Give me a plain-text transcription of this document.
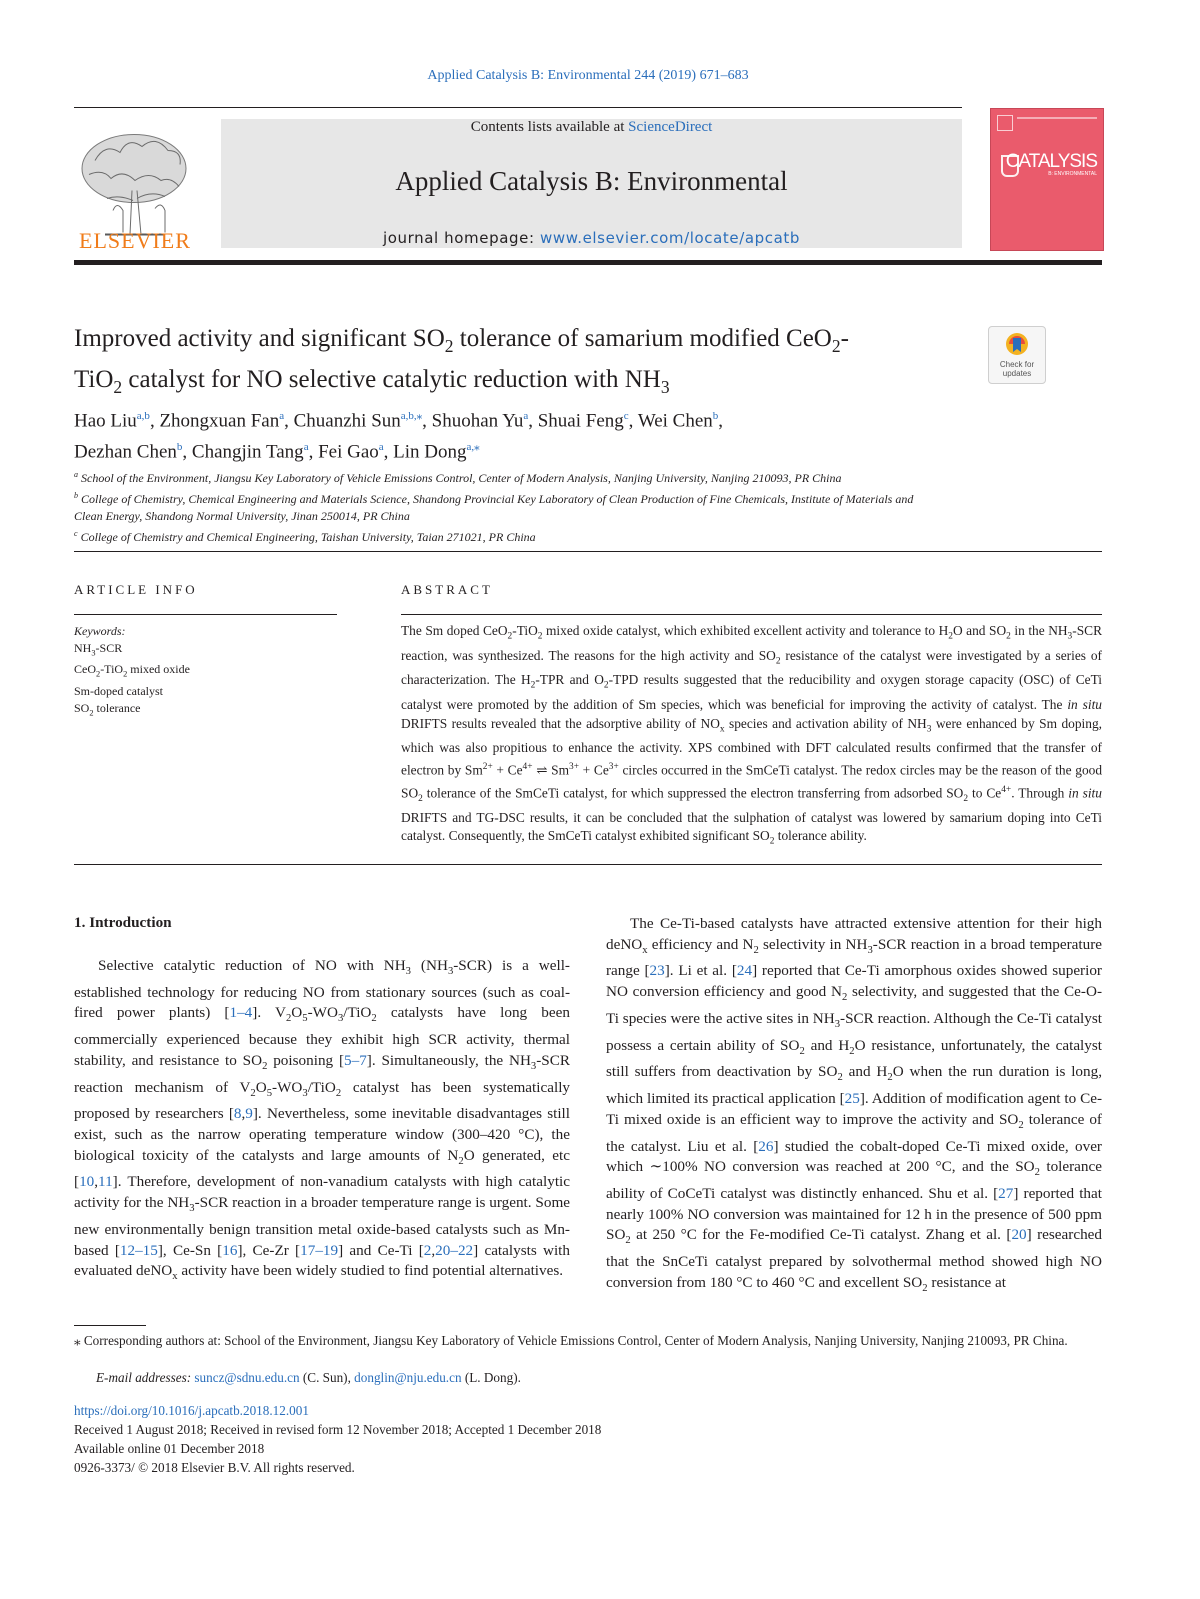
Applied Catalysis B: Environmental 244 (2019) 671–683
Contents lists available at ScienceDirect
Applied Catalysis B: Environmental
journal homepage: www.elsevier.com/locate/apcatb
ELSEVIER
CATALYSIS
B: ENVIRONMENTAL
Improved activity and significant $SO_2$ tolerance of samarium modified CeO$_2$-
TiO$_2$ catalyst for NO selective catalytic reduction with $NH_3$
Check for updates
Hao Liu$^{a,b}$, Zhongxuan Fan$^a$, Chuanzhi Sun$^{a,b,⁎}$, Shuohan Yu$^a$, Shuai Feng$^c$, Wei Chen$^b$,
Dezhan Chen$^b$, Changjin Tang$^a$, Fei Gao$^a$, Lin Dong$^{a,⁎}$
$^a$ School of the Environment, Jiangsu Key Laboratory of Vehicle Emissions Control, Center of Modern Analysis, Nanjing University, Nanjing 210093, PR China
$^b$ College of Chemistry, Chemical Engineering and Materials Science, Shandong Provincial Key Laboratory of Clean Production of Fine Chemicals, Institute of Materials and
Clean Energy, Shandong Normal University, Jinan 250014, PR China
$^c$ College of Chemistry and Chemical Engineering, Taishan University, Taian 271021, PR China
ARTICLE INFO	ABSTRACT
Keywords:
$NH_3$-SCR
CeO$_2$-TiO$_2$ mixed oxide
Sm-doped catalyst
$SO_2$ tolerance
The Sm doped CeO$_2$-TiO$_2$ mixed oxide catalyst, which exhibited excellent activity and tolerance to $H_2O$ and $SO_2$ in the $NH_3$-SCR reaction, was synthesized. The reasons for the high activity and $SO_2$ resistance of the catalyst were investigated by a series of characterization. The $H_2$-TPR and $O_2$-TPD results suggested that the reducibility and oxygen storage capacity (OSC) of CeTi catalyst were promoted by the addition of Sm species, which was beneficial for improving the activity of catalyst. The in situ DRIFTS results revealed that the adsorptive ability of $NO_x$ species and activation ability of $NH_3$ were enhanced by Sm doping, which was also propitious to enhance the activity. XPS combined with DFT calculated results confirmed that the transfer of electron by $Sm^{2+} + Ce^{4+}$ ⇌ $Sm^{3+} + Ce^{3+}$ circles occurred in the SmCeTi catalyst. The redox circles may be the reason of the good $SO_2$ tolerance of the SmCeTi catalyst, for which suppressed the electron transferring from adsorbed $SO_2$ to $Ce^{4+}$. Through in situ DRIFTS and TG-DSC results, it can be concluded that the sulphation of catalyst was lowered by samarium doping into CeTi catalyst. Consequently, the SmCeTi catalyst exhibited significant $SO_2$ tolerance ability.
1. Introduction

Selective catalytic reduction of NO with $NH_3$ $(NH_3-SCR)$ is a well-established technology for reducing NO from stationary sources (such as coal-fired power plants) [1–4]. $V_2O_5-WO_3/TiO_2$ catalysts have long been commercially experienced because they exhibit high SCR activity, thermal stability, and resistance to $SO_2$ poisoning [5–7]. Simultaneously, the $NH_3$-SCR reaction mechanism of $V_2O_5-WO_3/TiO_2$ catalyst has been systematically proposed by researchers [8,9]. Nevertheless, some inevitable disadvantages still exist, such as the narrow operating temperature window (300–420 °C), the biological toxicity of the catalysts and large amounts of $N_2O$ generated, etc [10,11]. Therefore, development of non-vanadium catalysts with high catalytic activity for the $NH_3$-SCR reaction in a broader temperature range is urgent. Some new environmentally benign transition metal oxide-based catalysts such as Mn-based [12–15], Ce-Sn [16], Ce-Zr [17–19] and Ce-Ti [2,20–22] catalysts with evaluated deNO$_x$ activity have been widely studied to find potential alternatives.

The Ce-Ti-based catalysts have attracted extensive attention for their high deNO$_x$ efficiency and $N_2$ selectivity in $NH_3$-SCR reaction in a broad temperature range [23]. Li et al. [24] reported that Ce-Ti amorphous oxides showed superior NO conversion efficiency and good $N_2$ selectivity, and suggested that the Ce-O-Ti species were the active sites in $NH_3$-SCR reaction. Although the Ce-Ti catalyst possess a certain ability of $SO_2$ and $H_2O$ resistance, unfortunately, the catalyst still suffers from deactivation by $SO_2$ and $H_2O$ when the run duration is long, which limited its practical application [25]. Addition of modification agent to Ce-Ti mixed oxide is an efficient way to improve the activity and $SO_2$ tolerance of the catalyst. Liu et al. [26] studied the cobalt-doped Ce-Ti mixed oxide, over which ∼100% NO conversion was reached at 200 °C, and the $SO_2$ tolerance ability of CoCeTi catalyst was distinctly enhanced. Shu et al. [27] reported that nearly 100% NO conversion was maintained for 12 h in the presence of 500 ppm $SO_2$ at 250 °C for the Fe-modified Ce-Ti catalyst. Zhang et al. [20] researched that the SnCeTi catalyst prepared by solvothermal method showed high NO conversion from 180 °C to 460 °C and excellent $SO_2$ resistance at

⁎ Corresponding authors at: School of the Environment, Jiangsu Key Laboratory of Vehicle Emissions Control, Center of Modern Analysis, Nanjing University, Nanjing 210093, PR China.
E-mail addresses: suncz@sdnu.edu.cn (C. Sun), donglin@nju.edu.cn (L. Dong).
https://doi.org/10.1016/j.apcatb.2018.12.001
Received 1 August 2018; Received in revised form 12 November 2018; Accepted 1 December 2018
Available online 01 December 2018
0926-3373/ © 2018 Elsevier B.V. All rights reserved.
